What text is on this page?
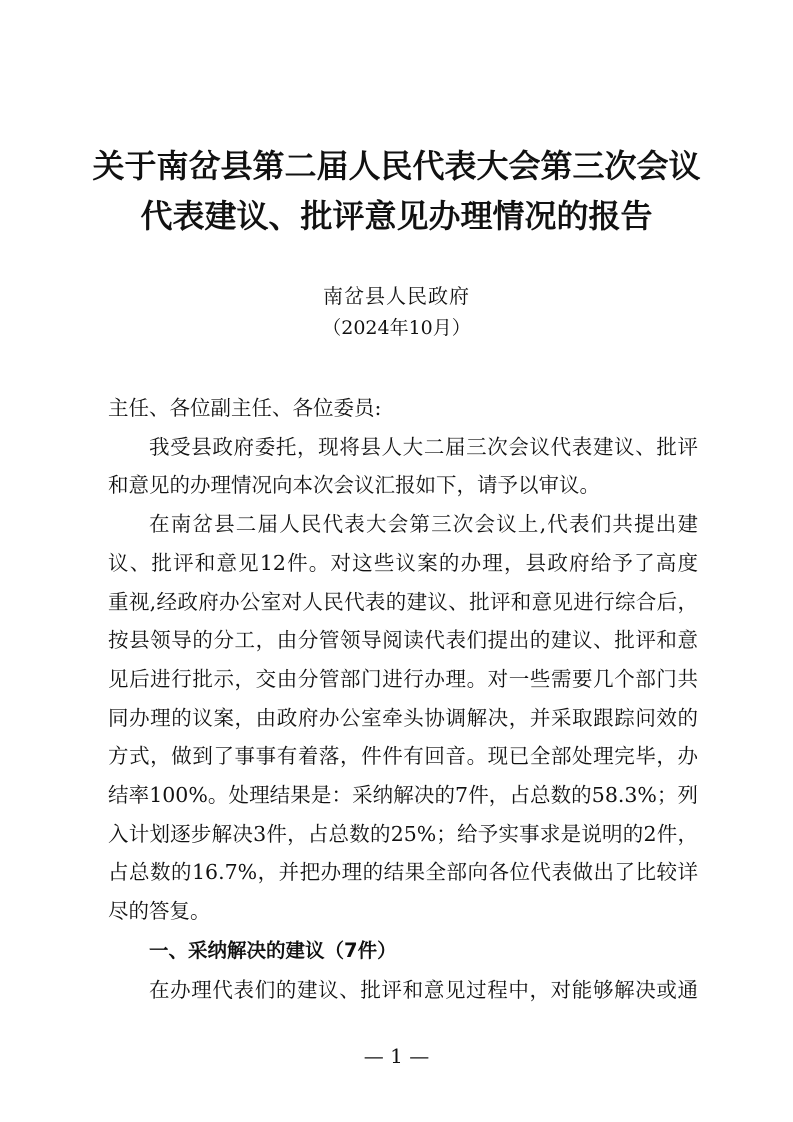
关于南岔县第二届人民代表大会第三次会议
代表建议、批评意见办理情况的报告
南岔县人民政府
（2024年10月）

主任、各位副主任、各位委员:

我受县政府委托，现将县人大二届三次会议代表建议、批评
和意见的办理情况向本次会议汇报如下，请予以审议。

在南岔县二届人民代表大会第三次会议上,代表们共提出建
议、批评和意见12件。对这些议案的办理，县政府给予了高度
重视,经政府办公室对人民代表的建议、批评和意见进行综合后，
按县领导的分工，由分管领导阅读代表们提出的建议、批评和意
见后进行批示，交由分管部门进行办理。对一些需要几个部门共
同办理的议案，由政府办公室牵头协调解决，并采取跟踪问效的
方式，做到了事事有着落，件件有回音。现已全部处理完毕，办
结率100%。处理结果是：采纳解决的7件，占总数的58.3%；列
入计划逐步解决3件，占总数的25%；给予实事求是说明的2件，
占总数的16.7%，并把办理的结果全部向各位代表做出了比较详
尽的答复。

一、采纳解决的建议（7件）

在办理代表们的建议、批评和意见过程中，对能够解决或通

— 1 —
